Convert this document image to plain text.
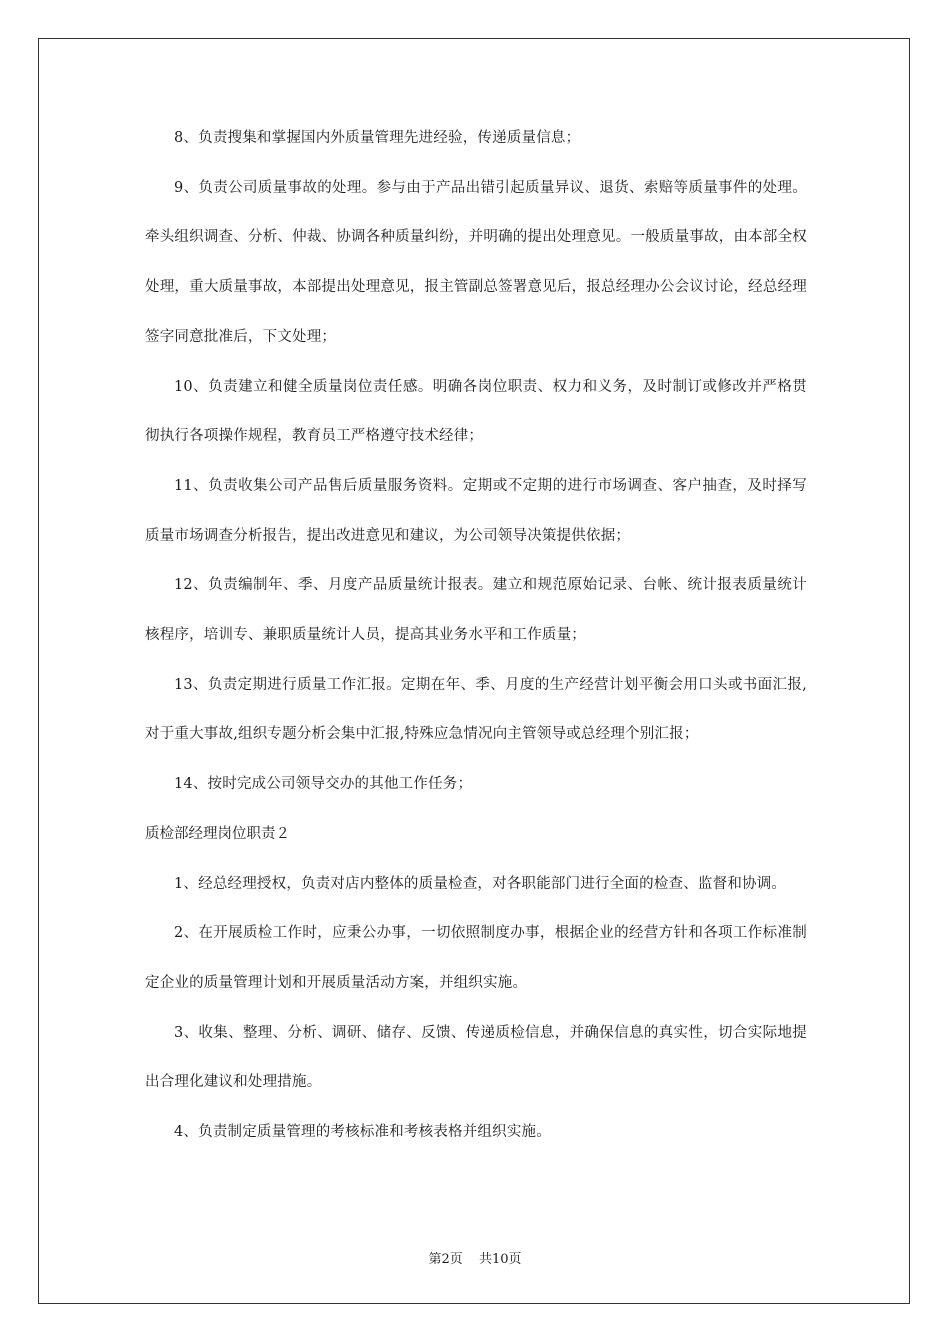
8、负责搜集和掌握国内外质量管理先进经验，传递质量信息；

9、负责公司质量事故的处理。参与由于产品出错引起质量异议、退货、索赔等质量事件的处理。牵头组织调查、分析、仲裁、协调各种质量纠纷，并明确的提出处理意见。一般质量事故，由本部全权处理，重大质量事故，本部提出处理意见，报主管副总签署意见后，报总经理办公会议讨论，经总经理签字同意批准后，下文处理；

10、负责建立和健全质量岗位责任感。明确各岗位职责、权力和义务，及时制订或修改并严格贯彻执行各项操作规程，教育员工严格遵守技术经律；

11、负责收集公司产品售后质量服务资料。定期或不定期的进行市场调查、客户抽查，及时择写质量市场调查分析报告，提出改进意见和建议，为公司领导决策提供依据；

12、负责编制年、季、月度产品质量统计报表。建立和规范原始记录、台帐、统计报表质量统计核程序，培训专、兼职质量统计人员，提高其业务水平和工作质量；

13、负责定期进行质量工作汇报。定期在年、季、月度的生产经营计划平衡会用口头或书面汇报,对于重大事故,组织专题分析会集中汇报,特殊应急情况向主管领导或总经理个别汇报；

14、按时完成公司领导交办的其他工作任务；

质检部经理岗位职责２

1、经总经理授权，负责对店内整体的质量检查，对各职能部门进行全面的检查、监督和协调。

2、在开展质检工作时，应秉公办事，一切依照制度办事，根据企业的经营方针和各项工作标准制定企业的质量管理计划和开展质量活动方案，并组织实施。

3、收集、整理、分析、调研、储存、反馈、传递质检信息，并确保信息的真实性，切合实际地提出合理化建议和处理措施。

4、负责制定质量管理的考核标准和考核表格并组织实施。

第2页 共10页
